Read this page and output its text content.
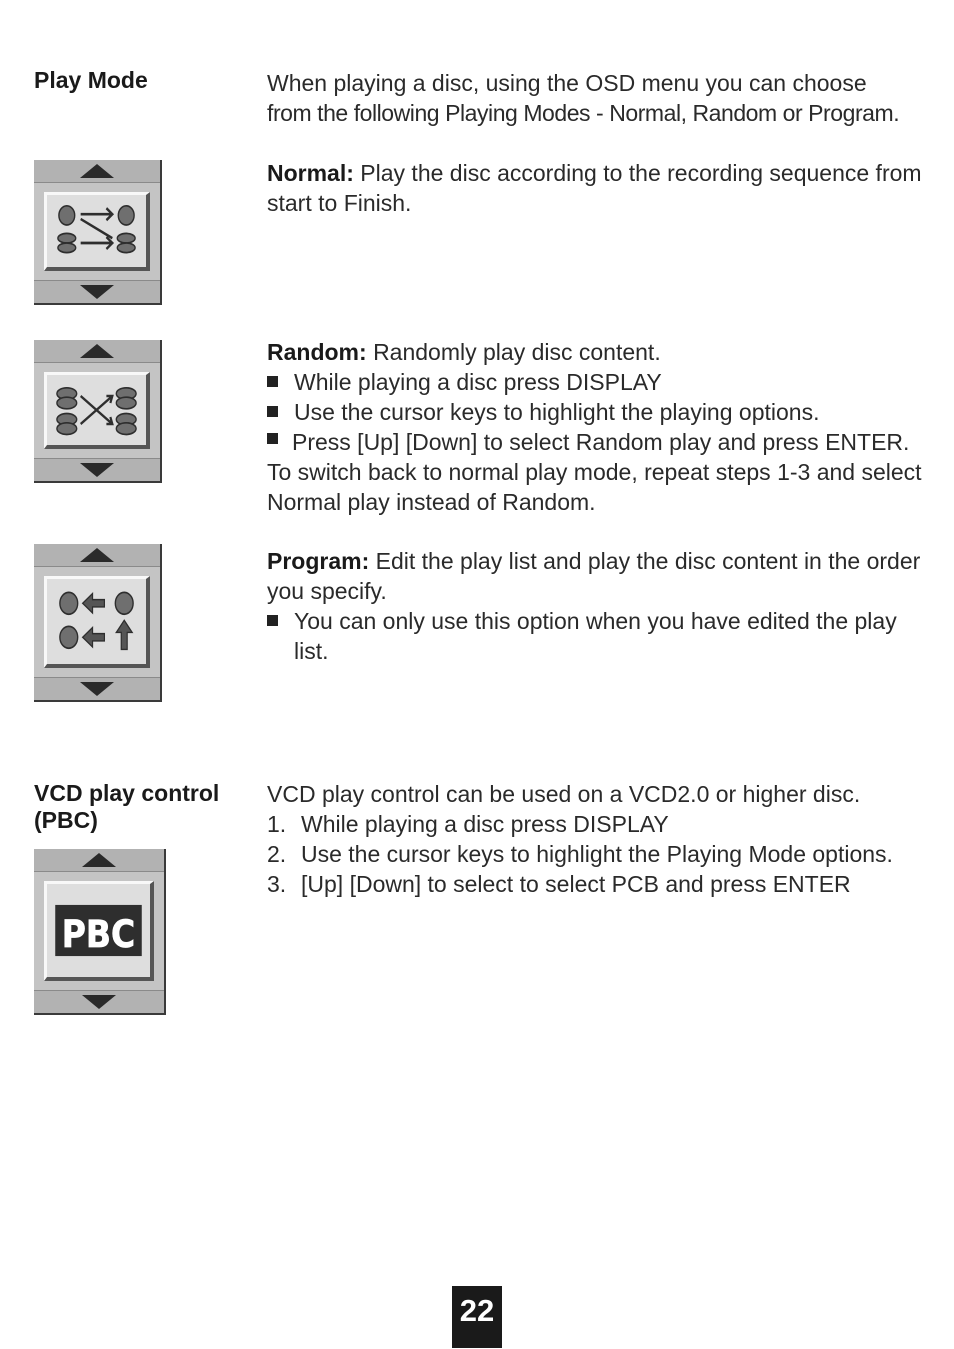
Play Mode	When playing a disc, using the OSD menu you can choose

from the following Playing Modes - Normal, Random or Program.

Normal: Play the disc according to the recording sequence from start to Finish.

Random: Randomly play disc content.

While playing a disc press DISPLAY
Use the cursor keys to highlight the playing options.
Press [Up] [Down] to select Random play and press ENTER.

To switch back to normal play mode, repeat steps 1-3 and select Normal play instead of Random.

Program: Edit the play list and play the disc content in the order you specify.

You can only use this option when you have edited the play list.
VCD play control
(PBC)
PBC

VCD play control can be used on a VCD2.0 or higher disc.

1. While playing a disc press DISPLAY
2. Use the cursor keys to highlight the Playing Mode options.
3. [Up] [Down] to select to select PCB and press ENTER
22
